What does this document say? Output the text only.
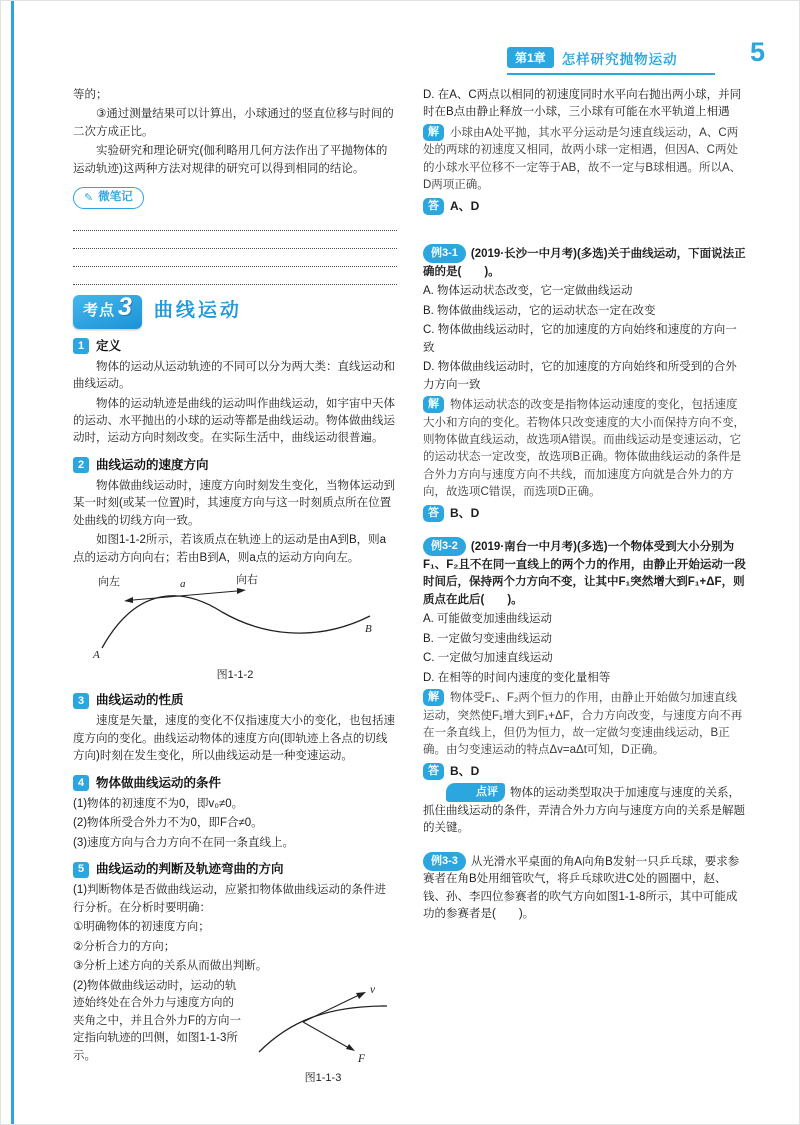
第1章	怎样研究抛物运动	5

等的；

③通过测量结果可以计算出，小球通过的竖直位移与时间的二次方成正比。

实验研究和理论研究(伽利略用几何方法作出了平抛物体的运动轨迹)这两种方法对规律的研究可以得到相同的结论。

✎ 微笔记
考点 3 曲线运动
1 定义

物体的运动从运动轨迹的不同可以分为两大类：直线运动和曲线运动。

物体的运动轨迹是曲线的运动叫作曲线运动，如宇宙中天体的运动、水平抛出的小球的运动等都是曲线运动。物体做曲线运动时，运动方向时刻改变。在实际生活中，曲线运动很普遍。

2 曲线运动的速度方向

物体做曲线运动时，速度方向时刻发生变化，当物体运动到某一时刻(或某一位置)时，其速度方向与这一时刻质点所在位置处曲线的切线方向一致。

如图1-1-2所示，若该质点在轨迹上的运动是由A到B，则a点的运动方向向右；若由B到A，则a点的运动方向向左。

向左	向右
a
A
B
图1-1-2
3 曲线运动的性质

速度是矢量，速度的变化不仅指速度大小的变化，也包括速度方向的变化。曲线运动物体的速度方向(即轨迹上各点的切线方向)时刻在发生变化，所以曲线运动是一种变速运动。

4 物体做曲线运动的条件

(1)物体的初速度不为0，即v₀≠0。

(2)物体所受合外力不为0，即F合≠0。

(3)速度方向与合力方向不在同一条直线上。

5 曲线运动的判断及轨迹弯曲的方向

(1)判断物体是否做曲线运动，应紧扣物体做曲线运动的条件进行分析。在分析时要明确：

①明确物体的初速度方向；

②分析合力的方向；

③分析上述方向的关系从而做出判断。

v
F
图1-1-3

(2)物体做曲线运动时，运动的轨迹始终处在合外力与速度方向的夹角之中，并且合外力F的方向一定指向轨迹的凹侧，如图1-1-3所示。

D. 在A、C两点以相同的初速度同时水平向右抛出两小球，并同时在B点由静止释放一小球，三小球有可能在水平轨道上相遇

解 小球由A处平抛，其水平分运动是匀速直线运动，A、C两处的两球的初速度又相同，故两小球一定相遇，但因A、C两处的小球水平位移不一定等于AB，故不一定与B球相遇。所以A、D两项正确。

答 A、D

例3-1 (2019·长沙一中月考)(多选)关于曲线运动，下面说法正确的是(　　)。

A. 物体运动状态改变，它一定做曲线运动

B. 物体做曲线运动，它的运动状态一定在改变

C. 物体做曲线运动时，它的加速度的方向始终和速度的方向一致

D. 物体做曲线运动时，它的加速度的方向始终和所受到的合外力方向一致

解 物体运动状态的改变是指物体运动速度的变化，包括速度大小和方向的变化。若物体只改变速度的大小而保持方向不变，则物体做直线运动，故选项A错误。而曲线运动是变速运动，它的运动状态一定改变，故选项B正确。物体做曲线运动的条件是合外力方向与速度方向不共线，而加速度方向就是合外力的方向，故选项C错误，而选项D正确。

答 B、D

例3-2 (2019·南台一中月考)(多选)一个物体受到大小分别为F₁、F₂且不在同一直线上的两个力的作用，由静止开始运动一段时间后，保持两个力方向不变，让其中F₁突然增大到F₁+ΔF，则质点在此后(　　)。

A. 可能做变加速曲线运动

B. 一定做匀变速曲线运动

C. 一定做匀加速直线运动

D. 在相等的时间内速度的变化量相等

解 物体受F₁、F₂两个恒力的作用，由静止开始做匀加速直线运动，突然使F₁增大到F₁+ΔF，合力方向改变，与速度方向不再在一条直线上，但仍为恒力，故一定做匀变速曲线运动，B正确。由匀变速运动的特点Δv=aΔt可知，D正确。

答 B、D

点评 物体的运动类型取决于加速度与速度的关系，抓住曲线运动的条件，弄清合外力方向与速度方向的关系是解题的关键。

例3-3 从光滑水平桌面的角A向角B发射一只乒乓球，要求参赛者在角B处用细管吹气，将乒乓球吹进C处的圆圈中，赵、钱、孙、李四位参赛者的吹气方向如图1-1-8所示，其中可能成功的参赛者是(　　)。
